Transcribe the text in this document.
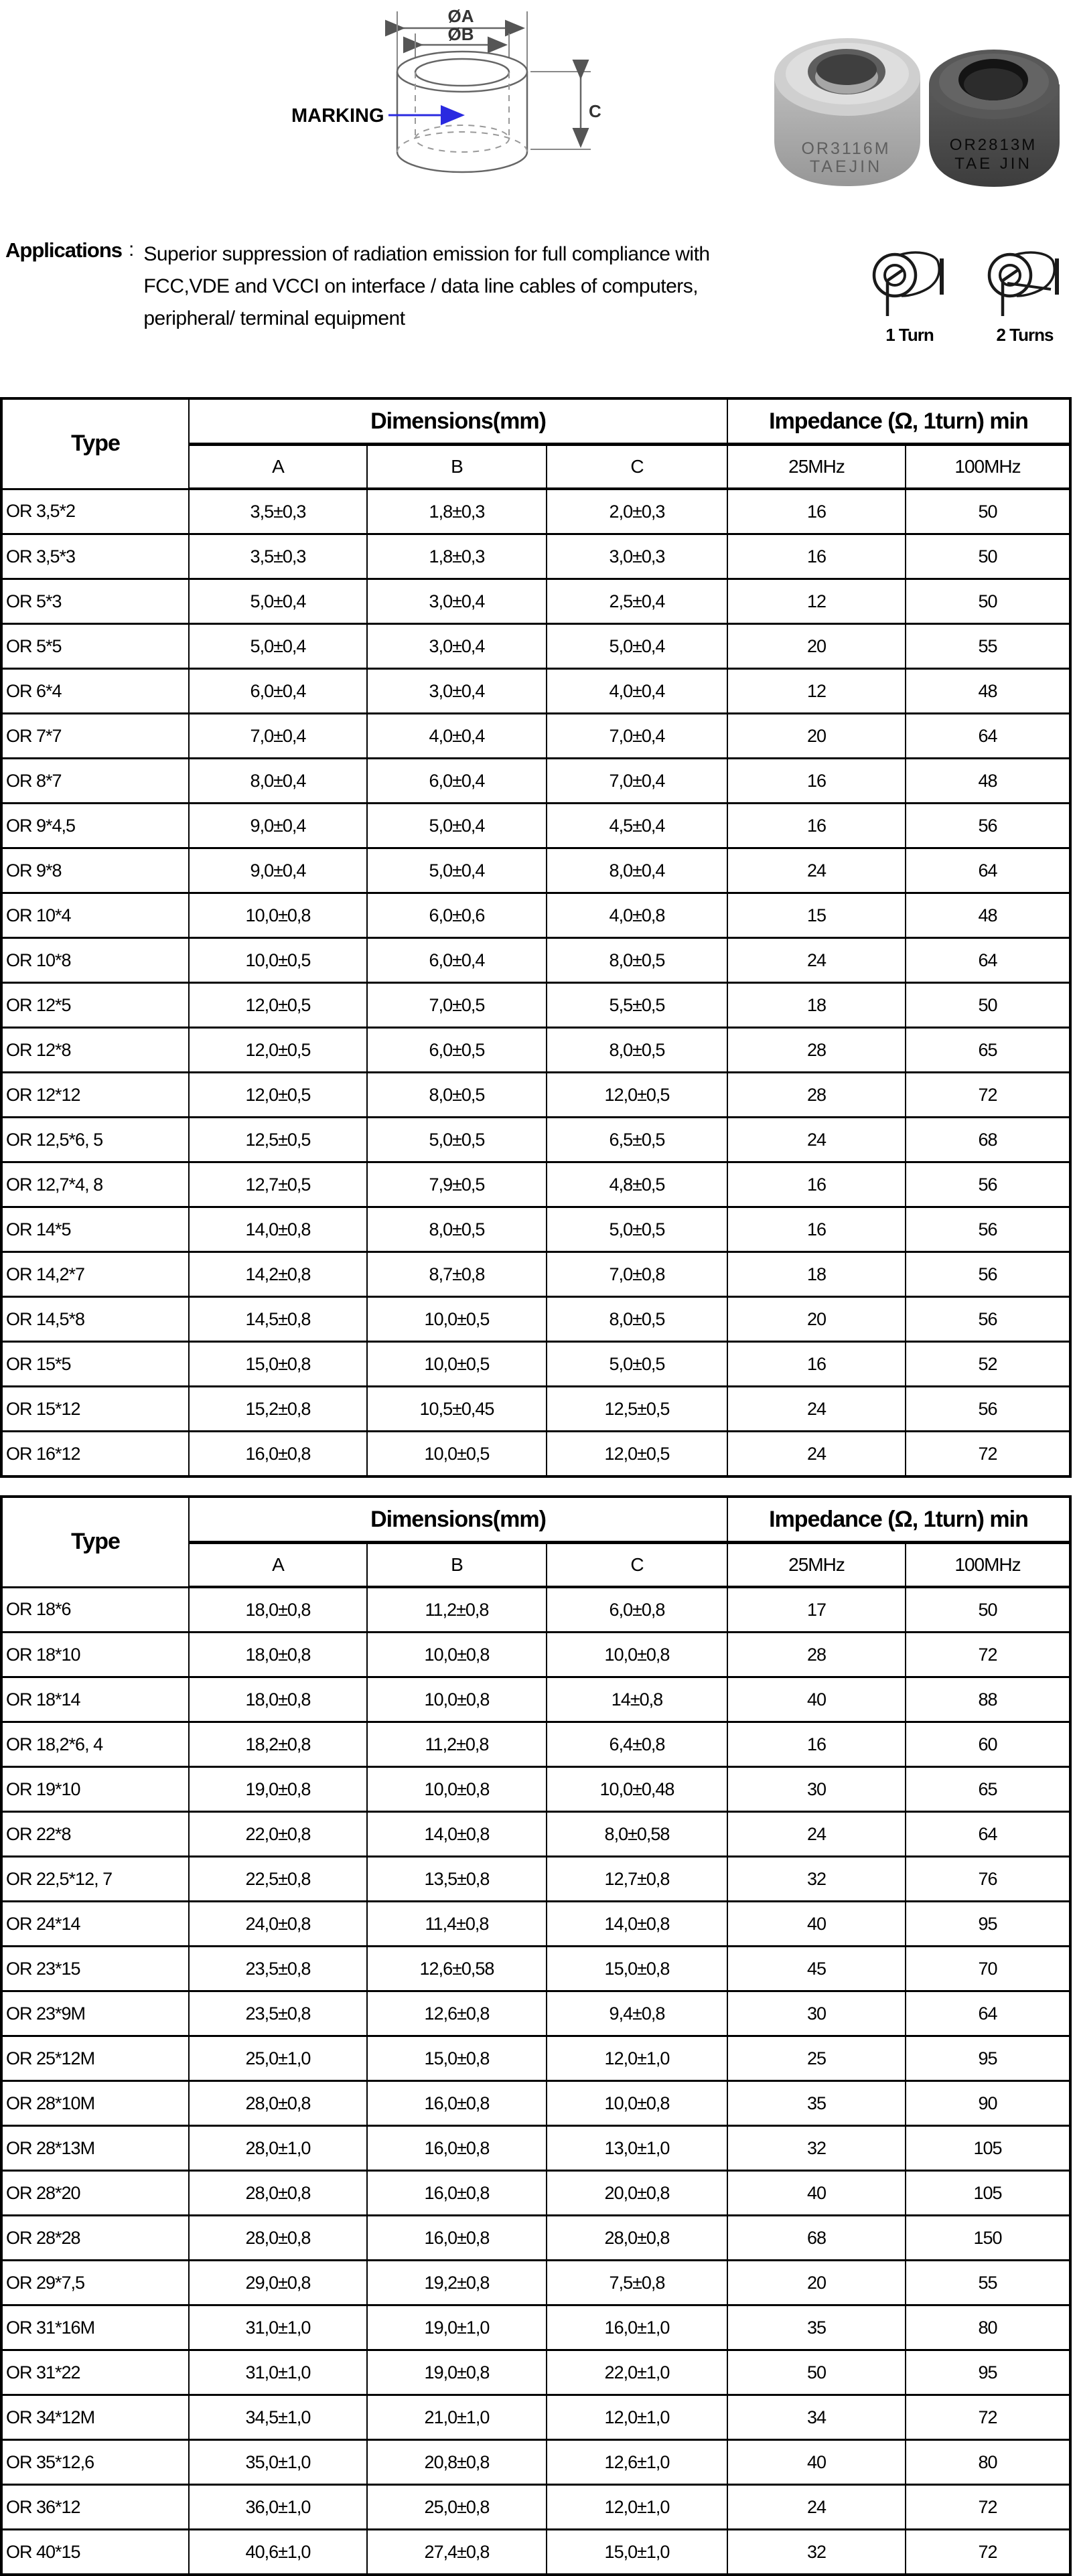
ØA
ØB
C
MARKING
OR3116M
TAEJIN
OR2813M
TAE JIN
Applications : Superior suppression of radiation emission for full compliance with
FCC,VDE and VCCI on interface / data line cables of computers,
peripheral/ terminal equipment
1 Turn	2 Turns
Type	Dimensions(mm)			Impedance (Ω, 1turn) min	
	A	B	C	25MHz	100MHz
OR 3,5*2	3,5±0,3	1,8±0,3	2,0±0,3	16	50
OR 3,5*3	3,5±0,3	1,8±0,3	3,0±0,3	16	50
OR 5*3	5,0±0,4	3,0±0,4	2,5±0,4	12	50
OR 5*5	5,0±0,4	3,0±0,4	5,0±0,4	20	55
OR 6*4	6,0±0,4	3,0±0,4	4,0±0,4	12	48
OR 7*7	7,0±0,4	4,0±0,4	7,0±0,4	20	64
OR 8*7	8,0±0,4	6,0±0,4	7,0±0,4	16	48
OR 9*4,5	9,0±0,4	5,0±0,4	4,5±0,4	16	56
OR 9*8	9,0±0,4	5,0±0,4	8,0±0,4	24	64
OR 10*4	10,0±0,8	6,0±0,6	4,0±0,8	15	48
OR 10*8	10,0±0,5	6,0±0,4	8,0±0,5	24	64
OR 12*5	12,0±0,5	7,0±0,5	5,5±0,5	18	50
OR 12*8	12,0±0,5	6,0±0,5	8,0±0,5	28	65
OR 12*12	12,0±0,5	8,0±0,5	12,0±0,5	28	72
OR 12,5*6, 5	12,5±0,5	5,0±0,5	6,5±0,5	24	68
OR 12,7*4, 8	12,7±0,5	7,9±0,5	4,8±0,5	16	56
OR 14*5	14,0±0,8	8,0±0,5	5,0±0,5	16	56
OR 14,2*7	14,2±0,8	8,7±0,8	7,0±0,8	18	56
OR 14,5*8	14,5±0,8	10,0±0,5	8,0±0,5	20	56
OR 15*5	15,0±0,8	10,0±0,5	5,0±0,5	16	52
OR 15*12	15,2±0,8	10,5±0,45	12,5±0,5	24	56
OR 16*12	16,0±0,8	10,0±0,5	12,0±0,5	24	72
Type	Dimensions(mm)			Impedance (Ω, 1turn) min	
	A	B	C	25MHz	100MHz
OR 18*6	18,0±0,8	11,2±0,8	6,0±0,8	17	50
OR 18*10	18,0±0,8	10,0±0,8	10,0±0,8	28	72
OR 18*14	18,0±0,8	10,0±0,8	14±0,8	40	88
OR 18,2*6, 4	18,2±0,8	11,2±0,8	6,4±0,8	16	60
OR 19*10	19,0±0,8	10,0±0,8	10,0±0,48	30	65
OR 22*8	22,0±0,8	14,0±0,8	8,0±0,58	24	64
OR 22,5*12, 7	22,5±0,8	13,5±0,8	12,7±0,8	32	76
OR 24*14	24,0±0,8	11,4±0,8	14,0±0,8	40	95
OR 23*15	23,5±0,8	12,6±0,58	15,0±0,8	45	70
OR 23*9M	23,5±0,8	12,6±0,8	9,4±0,8	30	64
OR 25*12M	25,0±1,0	15,0±0,8	12,0±1,0	25	95
OR 28*10M	28,0±0,8	16,0±0,8	10,0±0,8	35	90
OR 28*13M	28,0±1,0	16,0±0,8	13,0±1,0	32	105
OR 28*20	28,0±0,8	16,0±0,8	20,0±0,8	40	105
OR 28*28	28,0±0,8	16,0±0,8	28,0±0,8	68	150
OR 29*7,5	29,0±0,8	19,2±0,8	7,5±0,8	20	55
OR 31*16M	31,0±1,0	19,0±1,0	16,0±1,0	35	80
OR 31*22	31,0±1,0	19,0±0,8	22,0±1,0	50	95
OR 34*12M	34,5±1,0	21,0±1,0	12,0±1,0	34	72
OR 35*12,6	35,0±1,0	20,8±0,8	12,6±1,0	40	80
OR 36*12	36,0±1,0	25,0±0,8	12,0±1,0	24	72
OR 40*15	40,6±1,0	27,4±0,8	15,0±1,0	32	72
